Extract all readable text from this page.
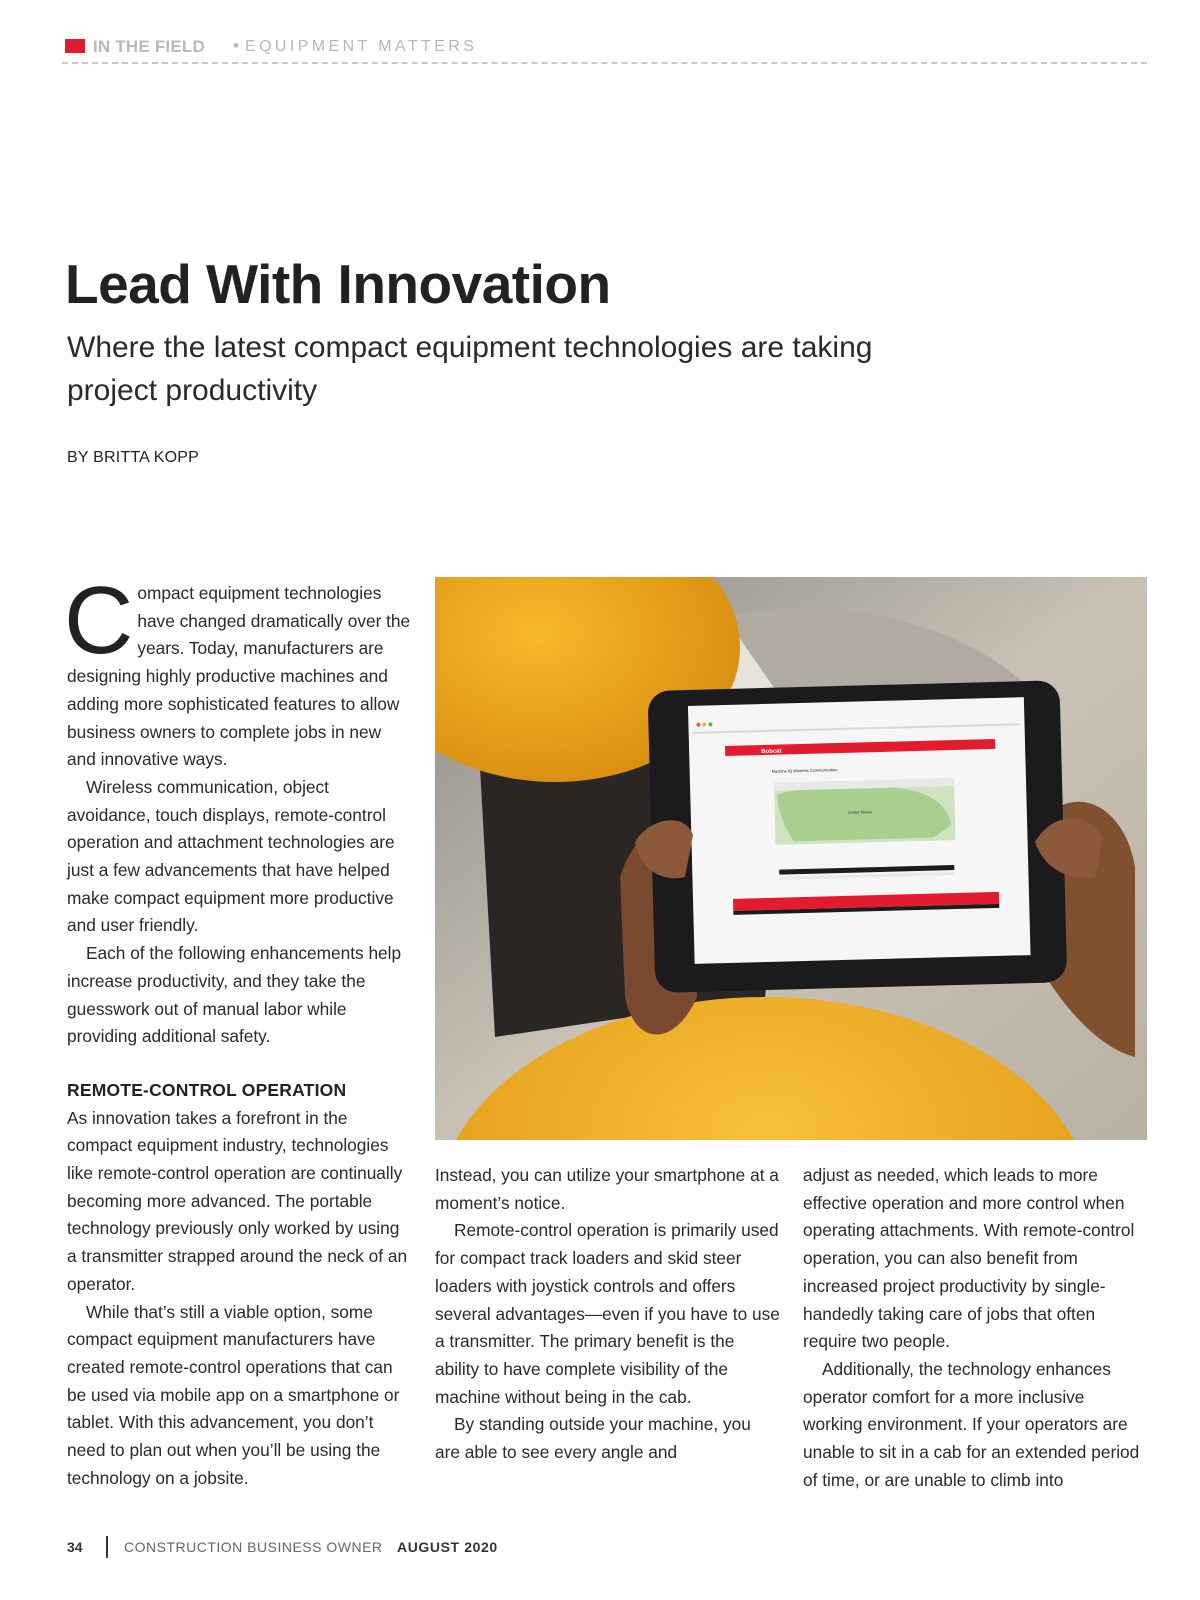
IN THE FIELD • EQUIPMENT MATTERS
Lead With Innovation
Where the latest compact equipment technologies are taking project productivity
BY BRITTA KOPP

Compact equipment technologies have changed dramatically over the years. Today, manufacturers are designing highly productive machines and adding more sophisticated features to allow business owners to complete jobs in new and innovative ways.

Wireless communication, object avoidance, touch displays, remote-control operation and attachment technologies are just a few advancements that have helped make compact equipment more productive and user friendly.

Each of the following enhancements help increase productivity, and they take the guesswork out of manual labor while providing additional safety.

REMOTE-CONTROL OPERATION

As innovation takes a forefront in the compact equipment industry, technologies like remote-control operation are continually becoming more advanced. The portable technology previously only worked by using a transmitter strapped around the neck of an operator.

While that’s still a viable option, some compact equipment manufacturers have created remote-control operations that can be used via mobile app on a smartphone or tablet. With this advancement, you don’t need to plan out when you’ll be using the technology on a jobsite.

Bobcat
Machine IQ Wireless Communication
United States

Instead, you can utilize your smartphone at a moment’s notice.

Remote-control operation is primarily used for compact track loaders and skid steer loaders with joystick controls and offers several advantages—even if you have to use a transmitter. The primary benefit is the ability to have complete visibility of the machine without being in the cab.

By standing outside your machine, you are able to see every angle and

adjust as needed, which leads to more effective operation and more control when operating attachments. With remote-control operation, you can also benefit from increased project productivity by single-handedly taking care of jobs that often require two people.

Additionally, the technology enhances operator comfort for a more inclusive working environment. If your operators are unable to sit in a cab for an extended period of time, or are unable to climb into

34	CONSTRUCTION BUSINESS OWNER AUGUST 2020
